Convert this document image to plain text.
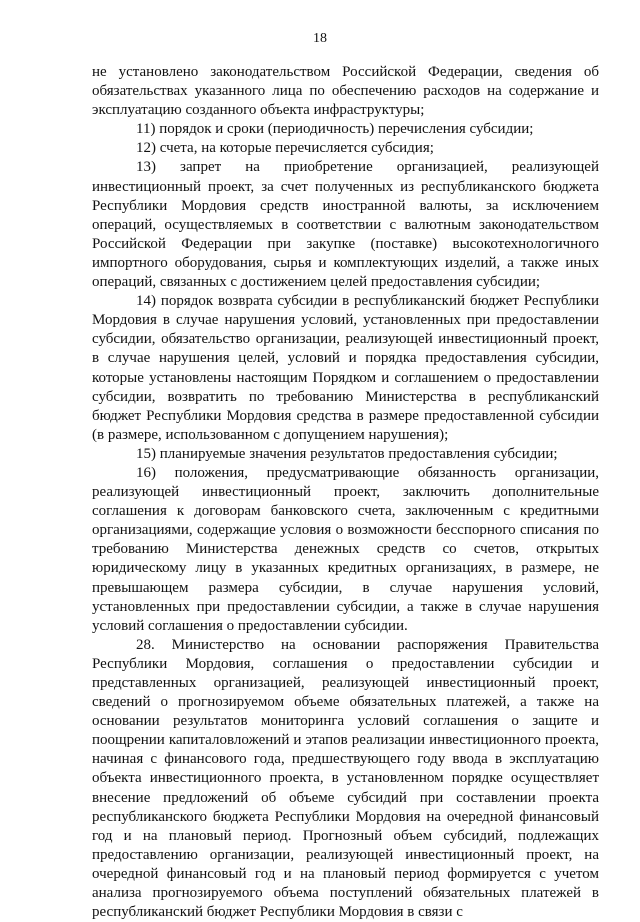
18

не установлено законодательством Российской Федерации, сведения об обязательствах указанного лица по обеспечению расходов на содержание и эксплуатацию созданного объекта инфраструктуры;

11) порядок и сроки (периодичность) перечисления субсидии;

12) счета, на которые перечисляется субсидия;

13) запрет на приобретение организацией, реализующей инвестиционный проект, за счет полученных из республиканского бюджета Республики Мордовия средств иностранной валюты, за исключением операций, осуществляемых в соответствии с валютным законодательством Российской Федерации при закупке (поставке) высокотехнологичного импортного оборудования, сырья и комплектующих изделий, а также иных операций, связанных с достижением целей предоставления субсидии;

14) порядок возврата субсидии в республиканский бюджет Республики Мордовия в случае нарушения условий, установленных при предоставлении субсидии, обязательство организации, реализующей инвестиционный проект, в случае нарушения целей, условий и порядка предоставления субсидии, которые установлены настоящим Порядком и соглашением о предоставлении субсидии, возвратить по требованию Министерства в республиканский бюджет Республики Мордовия средства в размере предоставленной субсидии (в размере, использованном с допущением нарушения);

15) планируемые значения результатов предоставления субсидии;

16) положения, предусматривающие обязанность организации, реализующей инвестиционный проект, заключить дополнительные соглашения к договорам банковского счета, заключенным с кредитными организациями, содержащие условия о возможности бесспорного списания по требованию Министерства денежных средств со счетов, открытых юридическому лицу в указанных кредитных организациях, в размере, не превышающем размера субсидии, в случае нарушения условий, установленных при предоставлении субсидии, а также в случае нарушения условий соглашения о предоставлении субсидии.

28. Министерство на основании распоряжения Правительства Республики Мордовия, соглашения о предоставлении субсидии и представленных организацией, реализующей инвестиционный проект, сведений о прогнозируемом объеме обязательных платежей, а также на основании результатов мониторинга условий соглашения о защите и поощрении капиталовложений и этапов реализации инвестиционного проекта, начиная с финансового года, предшествующего году ввода в эксплуатацию объекта инвестиционного проекта, в установленном порядке осуществляет внесение предложений об объеме субсидий при составлении проекта республиканского бюджета Республики Мордовия на очередной финансовый год и на плановый период. Прогнозный объем субсидий, подлежащих предоставлению организации, реализующей инвестиционный проект, на очередной финансовый год и на плановый период формируется с учетом анализа прогнозируемого объема поступлений обязательных платежей в республиканский бюджет Республики Мордовия в связи с
